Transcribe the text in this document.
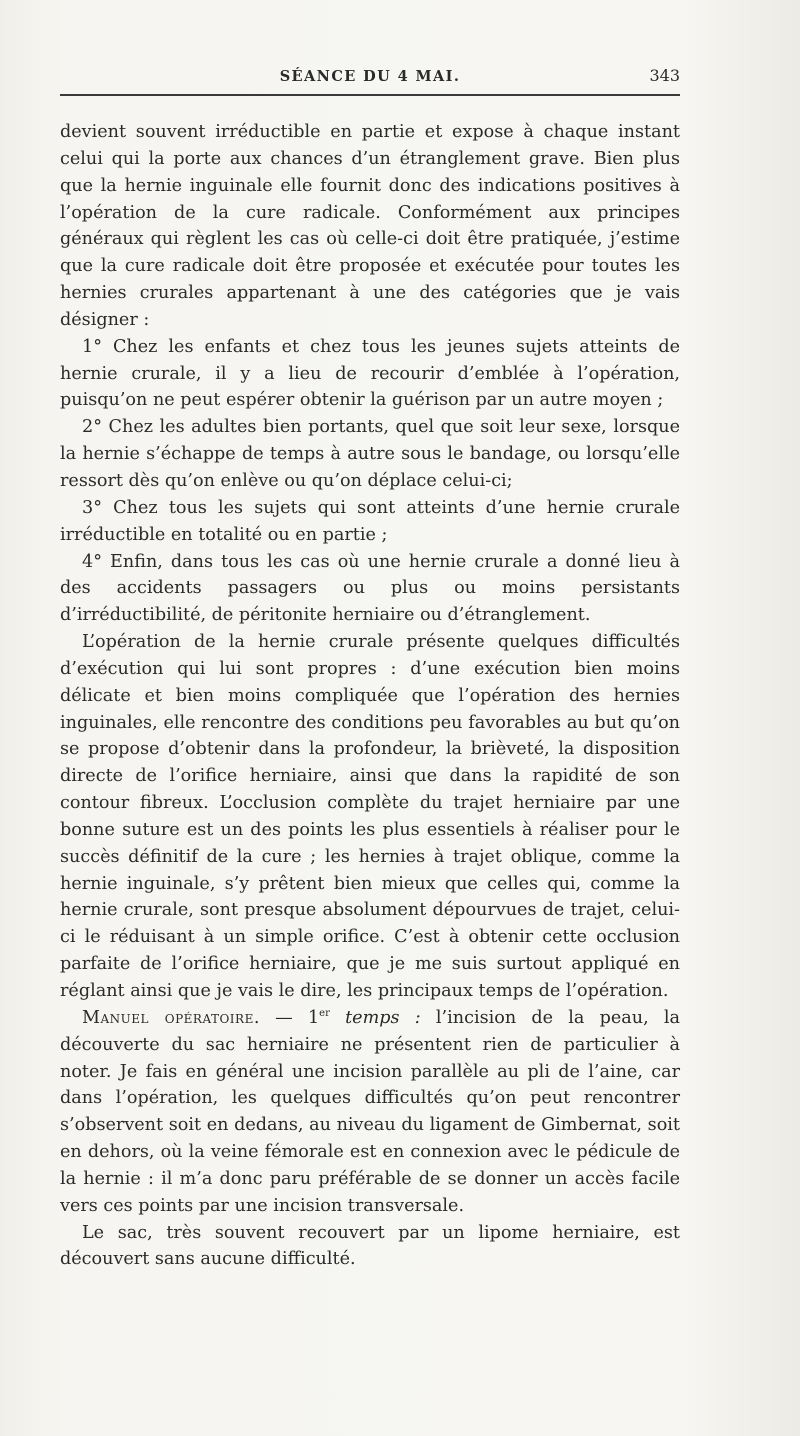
SÉANCE DU 4 MAI.	343

devient souvent irréductible en partie et expose à chaque instant celui qui la porte aux chances d’un étranglement grave. Bien plus que la hernie inguinale elle fournit donc des indications positives à l’opération de la cure radicale. Conformément aux principes généraux qui règlent les cas où celle-ci doit être pratiquée, j’estime que la cure radicale doit être proposée et exécutée pour toutes les hernies crurales appartenant à une des catégories que je vais désigner :

1° Chez les enfants et chez tous les jeunes sujets atteints de hernie crurale, il y a lieu de recourir d’emblée à l’opération, puisqu’on ne peut espérer obtenir la guérison par un autre moyen ;

2° Chez les adultes bien portants, quel que soit leur sexe, lorsque la hernie s’échappe de temps à autre sous le bandage, ou lorsqu’elle ressort dès qu’on enlève ou qu’on déplace celui-ci;

3° Chez tous les sujets qui sont atteints d’une hernie crurale irréductible en totalité ou en partie ;

4° Enfin, dans tous les cas où une hernie crurale a donné lieu à des accidents passagers ou plus ou moins persistants d’irréductibilité, de péritonite herniaire ou d’étranglement.

L’opération de la hernie crurale présente quelques difficultés d’exécution qui lui sont propres : d’une exécution bien moins délicate et bien moins compliquée que l’opération des hernies inguinales, elle rencontre des conditions peu favorables au but qu’on se propose d’obtenir dans la profondeur, la brièveté, la disposition directe de l’orifice herniaire, ainsi que dans la rapidité de son contour fibreux. L’occlusion complète du trajet herniaire par une bonne suture est un des points les plus essentiels à réaliser pour le succès définitif de la cure ; les hernies à trajet oblique, comme la hernie inguinale, s’y prêtent bien mieux que celles qui, comme la hernie crurale, sont presque absolument dépourvues de trajet, celui-ci le réduisant à un simple orifice. C’est à obtenir cette occlusion parfaite de l’orifice herniaire, que je me suis surtout appliqué en réglant ainsi que je vais le dire, les principaux temps de l’opération.

Manuel opératoire. — 1er temps : l’incision de la peau, la découverte du sac herniaire ne présentent rien de particulier à noter. Je fais en général une incision parallèle au pli de l’aine, car dans l’opération, les quelques difficultés qu’on peut rencontrer s’observent soit en dedans, au niveau du ligament de Gimbernat, soit en dehors, où la veine fémorale est en connexion avec le pédicule de la hernie : il m’a donc paru préférable de se donner un accès facile vers ces points par une incision transversale.

Le sac, très souvent recouvert par un lipome herniaire, est découvert sans aucune difficulté.
